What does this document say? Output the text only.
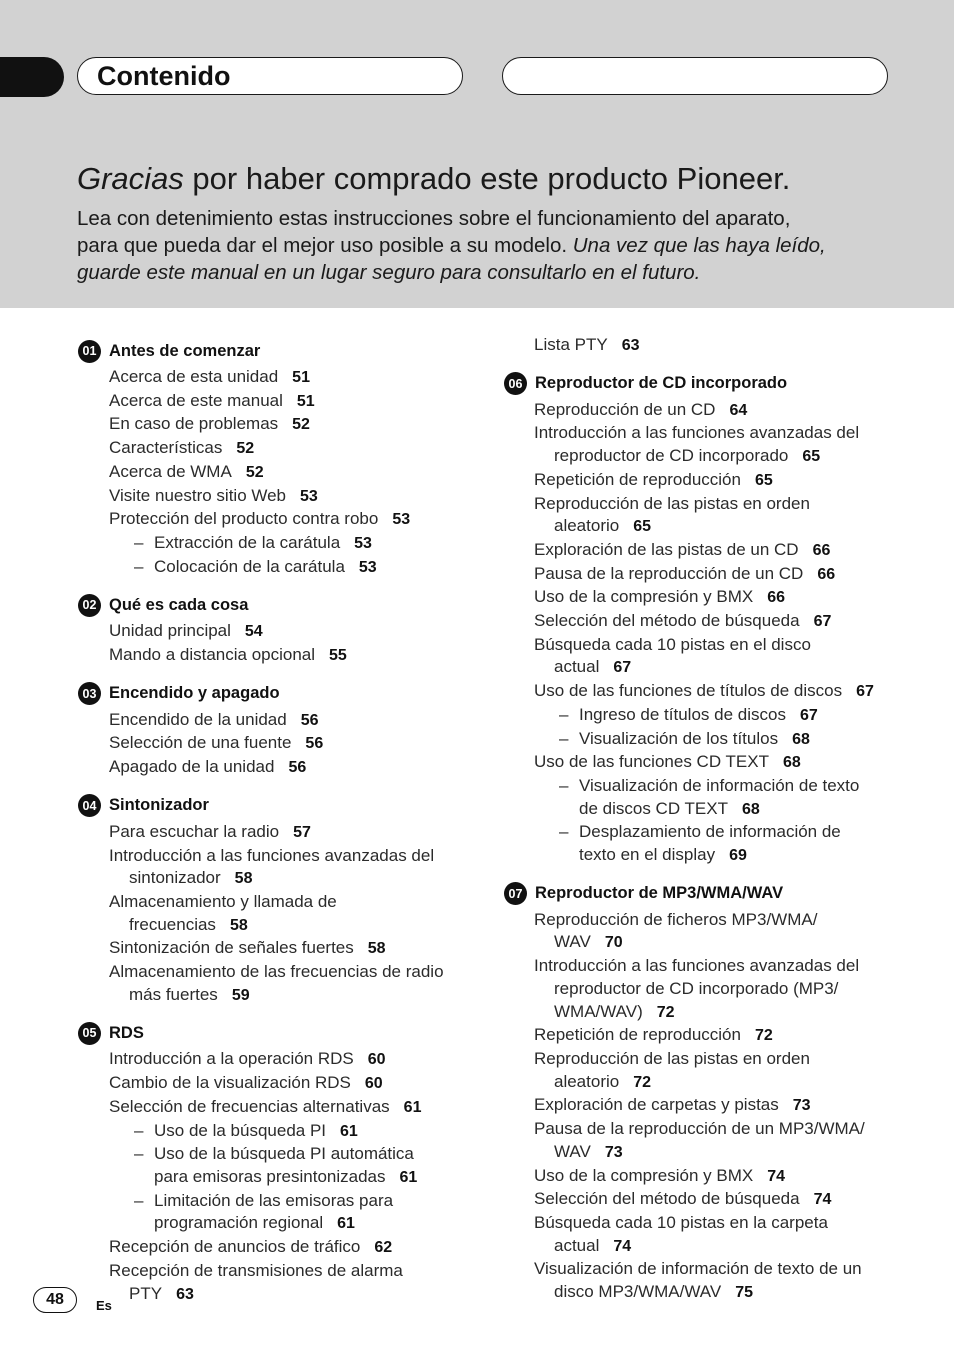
Contenido
Gracias por haber comprado este producto Pioneer.
Lea con detenimiento estas instrucciones sobre el funcionamiento del aparato,
para que pueda dar el mejor uso posible a su modelo. Una vez que las haya leído,
guarde este manual en un lugar seguro para consultarlo en el futuro.
01 Antes de comenzar
Acerca de esta unidad 51
Acerca de este manual 51
En caso de problemas 52
Características 52
Acerca de WMA 52
Visite nuestro sitio Web 53
Protección del producto contra robo 53
– Extracción de la carátula 53
– Colocación de la carátula 53
02 Qué es cada cosa
Unidad principal 54
Mando a distancia opcional 55
03 Encendido y apagado
Encendido de la unidad 56
Selección de una fuente 56
Apagado de la unidad 56
04 Sintonizador
Para escuchar la radio 57
Introducción a las funciones avanzadas del
sintonizador 58
Almacenamiento y llamada de
frecuencias 58
Sintonización de señales fuertes 58
Almacenamiento de las frecuencias de radio
más fuertes 59
05 RDS
Introducción a la operación RDS 60
Cambio de la visualización RDS 60
Selección de frecuencias alternativas 61
– Uso de la búsqueda PI 61
– Uso de la búsqueda PI automática
para emisoras presintonizadas 61
– Limitación de las emisoras para
programación regional 61
Recepción de anuncios de tráfico 62
Recepción de transmisiones de alarma
PTY 63
Lista PTY 63
06 Reproductor de CD incorporado
Reproducción de un CD 64
Introducción a las funciones avanzadas del
reproductor de CD incorporado 65
Repetición de reproducción 65
Reproducción de las pistas en orden
aleatorio 65
Exploración de las pistas de un CD 66
Pausa de la reproducción de un CD 66
Uso de la compresión y BMX 66
Selección del método de búsqueda 67
Búsqueda cada 10 pistas en el disco
actual 67
Uso de las funciones de títulos de discos 67
– Ingreso de títulos de discos 67
– Visualización de los títulos 68
Uso de las funciones CD TEXT 68
– Visualización de información de texto
de discos CD TEXT 68
– Desplazamiento de información de
texto en el display 69
07 Reproductor de MP3/WMA/WAV
Reproducción de ficheros MP3/WMA/
WAV 70
Introducción a las funciones avanzadas del
reproductor de CD incorporado (MP3/
WMA/WAV) 72
Repetición de reproducción 72
Reproducción de las pistas en orden
aleatorio 72
Exploración de carpetas y pistas 73
Pausa de la reproducción de un MP3/WMA/
WAV 73
Uso de la compresión y BMX 74
Selección del método de búsqueda 74
Búsqueda cada 10 pistas en la carpeta
actual 74
Visualización de información de texto de un
disco MP3/WMA/WAV 75
48	Es
